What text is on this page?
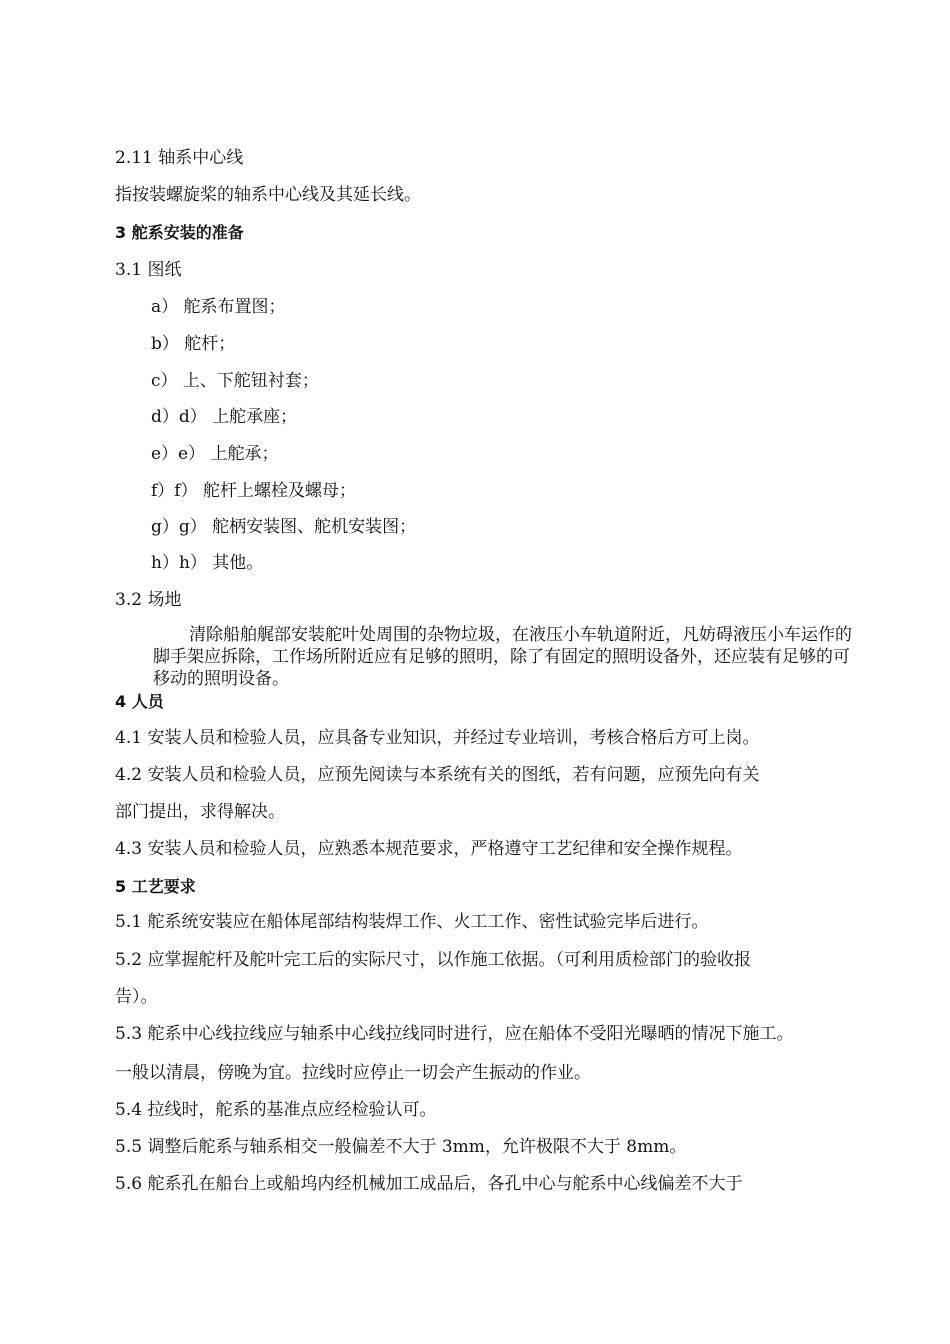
2.11 轴系中心线
指按装螺旋桨的轴系中心线及其延长线。
3 舵系安装的准备
3.1 图纸
a） 舵系布置图；
b） 舵杆；
c） 上、下舵钮衬套；
d）d） 上舵承座；
e）e） 上舵承；
f）f） 舵杆上螺栓及螺母；
g）g） 舵柄安装图、舵机安装图；
h）h） 其他。
3.2 场地
清除船舶艉部安装舵叶处周围的杂物垃圾，在液压小车轨道附近，凡妨碍液压小车运作的脚手架应拆除，工作场所附近应有足够的照明，除了有固定的照明设备外，还应装有足够的可移动的照明设备。
4 人员
4.1 安装人员和检验人员，应具备专业知识，并经过专业培训，考核合格后方可上岗。
4.2 安装人员和检验人员，应预先阅读与本系统有关的图纸，若有问题，应预先向有关
部门提出，求得解决。
4.3 安装人员和检验人员，应熟悉本规范要求，严格遵守工艺纪律和安全操作规程。
5 工艺要求
5.1 舵系统安装应在船体尾部结构装焊工作、火工工作、密性试验完毕后进行。
5.2 应掌握舵杆及舵叶完工后的实际尺寸，以作施工依据。（可利用质检部门的验收报
告）。
5.3 舵系中心线拉线应与轴系中心线拉线同时进行，应在船体不受阳光曝晒的情况下施工。
一般以清晨，傍晚为宜。拉线时应停止一切会产生振动的作业。
5.4 拉线时，舵系的基准点应经检验认可。
5.5 调整后舵系与轴系相交一般偏差不大于 3mm，允许极限不大于 8mm。
5.6 舵系孔在船台上或船坞内经机械加工成品后，各孔中心与舵系中心线偏差不大于
